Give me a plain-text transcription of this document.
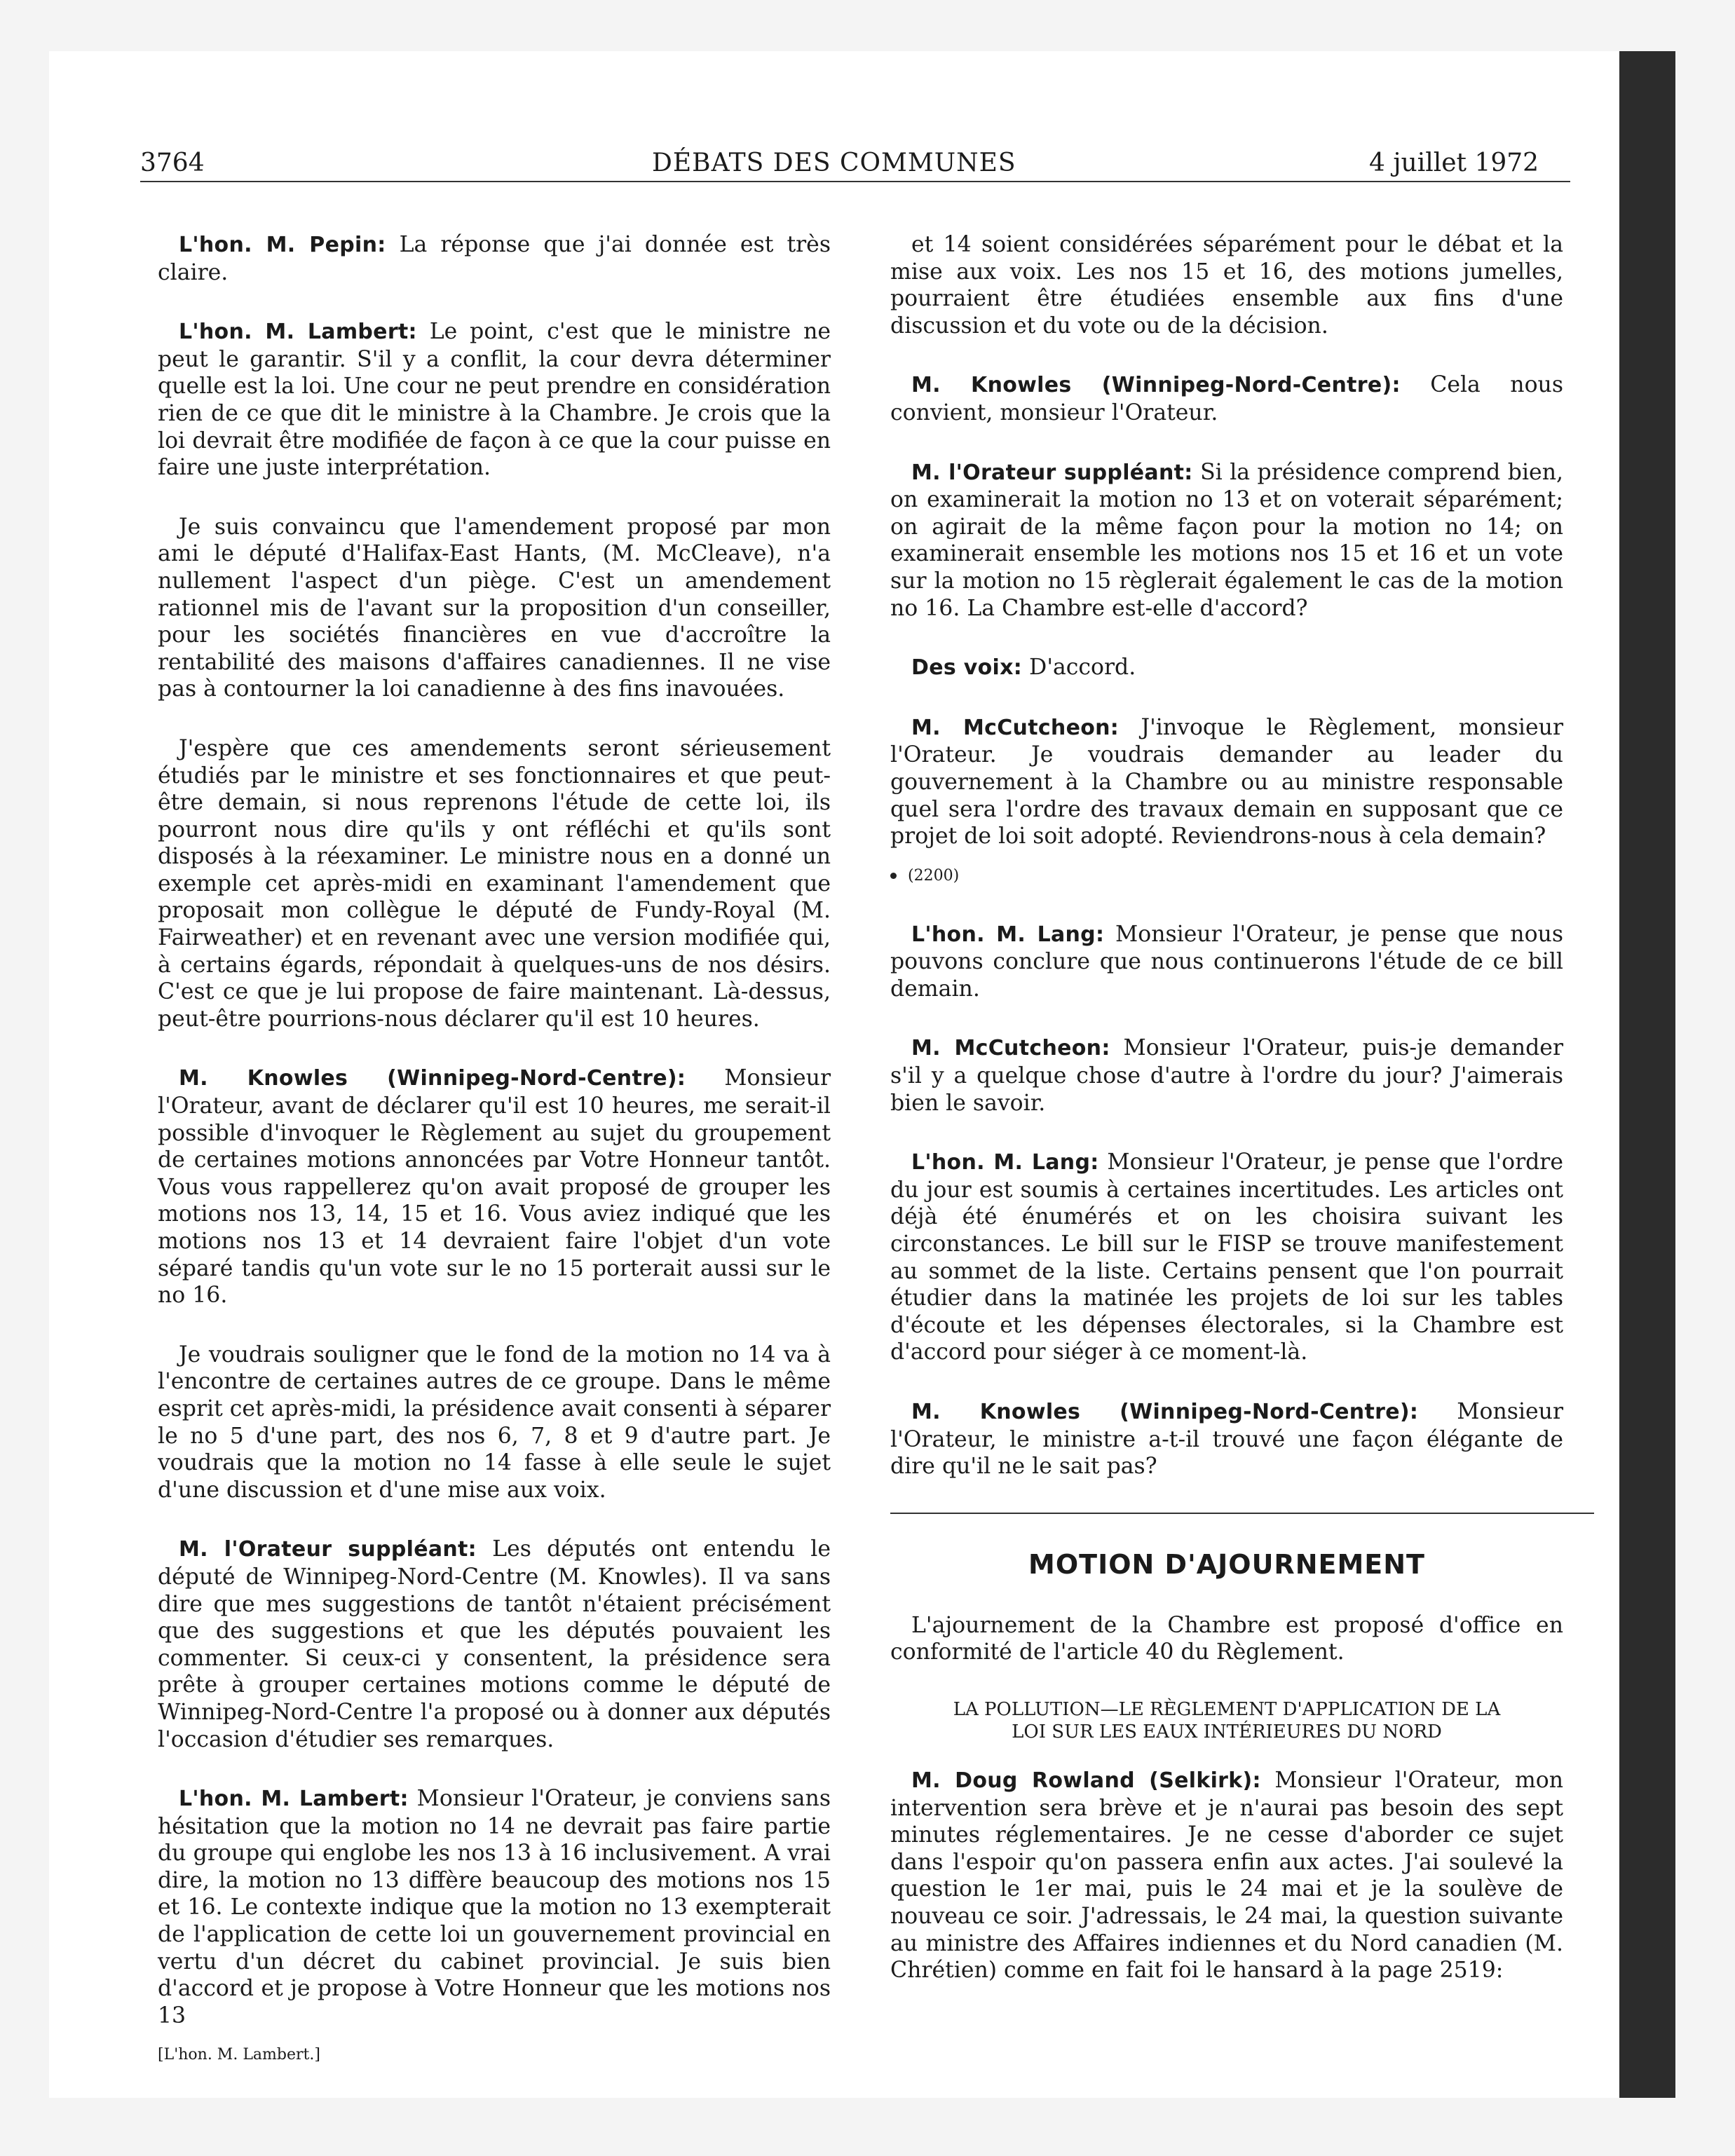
3764	DÉBATS DES COMMUNES	4 juillet 1972

L'hon. M. Pepin: La réponse que j'ai donnée est très claire.

L'hon. M. Lambert: Le point, c'est que le ministre ne peut le garantir. S'il y a conflit, la cour devra déterminer quelle est la loi. Une cour ne peut prendre en considération rien de ce que dit le ministre à la Chambre. Je crois que la loi devrait être modifiée de façon à ce que la cour puisse en faire une juste interprétation.

Je suis convaincu que l'amendement proposé par mon ami le député d'Halifax-East Hants, (M. McCleave), n'a nullement l'aspect d'un piège. C'est un amendement rationnel mis de l'avant sur la proposition d'un conseiller, pour les sociétés financières en vue d'accroître la rentabilité des maisons d'affaires canadiennes. Il ne vise pas à contourner la loi canadienne à des fins inavouées.

J'espère que ces amendements seront sérieusement étudiés par le ministre et ses fonctionnaires et que peut-être demain, si nous reprenons l'étude de cette loi, ils pourront nous dire qu'ils y ont réfléchi et qu'ils sont disposés à la réexaminer. Le ministre nous en a donné un exemple cet après-midi en examinant l'amendement que proposait mon collègue le député de Fundy-Royal (M. Fairweather) et en revenant avec une version modifiée qui, à certains égards, répondait à quelques-uns de nos désirs. C'est ce que je lui propose de faire maintenant. Là-dessus, peut-être pourrions-nous déclarer qu'il est 10 heures.

M. Knowles (Winnipeg-Nord-Centre): Monsieur l'Orateur, avant de déclarer qu'il est 10 heures, me serait-il possible d'invoquer le Règlement au sujet du groupement de certaines motions annoncées par Votre Honneur tantôt. Vous vous rappellerez qu'on avait proposé de grouper les motions nos 13, 14, 15 et 16. Vous aviez indiqué que les motions nos 13 et 14 devraient faire l'objet d'un vote séparé tandis qu'un vote sur le no 15 porterait aussi sur le no 16.

Je voudrais souligner que le fond de la motion no 14 va à l'encontre de certaines autres de ce groupe. Dans le même esprit cet après-midi, la présidence avait consenti à séparer le no 5 d'une part, des nos 6, 7, 8 et 9 d'autre part. Je voudrais que la motion no 14 fasse à elle seule le sujet d'une discussion et d'une mise aux voix.

M. l'Orateur suppléant: Les députés ont entendu le député de Winnipeg-Nord-Centre (M. Knowles). Il va sans dire que mes suggestions de tantôt n'étaient précisément que des suggestions et que les députés pouvaient les commenter. Si ceux-ci y consentent, la présidence sera prête à grouper certaines motions comme le député de Winnipeg-Nord-Centre l'a proposé ou à donner aux députés l'occasion d'étudier ses remarques.

L'hon. M. Lambert: Monsieur l'Orateur, je conviens sans hésitation que la motion no 14 ne devrait pas faire partie du groupe qui englobe les nos 13 à 16 inclusivement. A vrai dire, la motion no 13 diffère beaucoup des motions nos 15 et 16. Le contexte indique que la motion no 13 exempterait de l'application de cette loi un gouvernement provincial en vertu d'un décret du cabinet provincial. Je suis bien d'accord et je propose à Votre Honneur que les motions nos 13

[L'hon. M. Lambert.]

et 14 soient considérées séparément pour le débat et la mise aux voix. Les nos 15 et 16, des motions jumelles, pourraient être étudiées ensemble aux fins d'une discussion et du vote ou de la décision.

M. Knowles (Winnipeg-Nord-Centre): Cela nous convient, monsieur l'Orateur.

M. l'Orateur suppléant: Si la présidence comprend bien, on examinerait la motion no 13 et on voterait séparément; on agirait de la même façon pour la motion no 14; on examinerait ensemble les motions nos 15 et 16 et un vote sur la motion no 15 règlerait également le cas de la motion no 16. La Chambre est-elle d'accord?

Des voix: D'accord.

M. McCutcheon: J'invoque le Règlement, monsieur l'Orateur. Je voudrais demander au leader du gouvernement à la Chambre ou au ministre responsable quel sera l'ordre des travaux demain en supposant que ce projet de loi soit adopté. Reviendrons-nous à cela demain?

(2200)

L'hon. M. Lang: Monsieur l'Orateur, je pense que nous pouvons conclure que nous continuerons l'étude de ce bill demain.

M. McCutcheon: Monsieur l'Orateur, puis-je demander s'il y a quelque chose d'autre à l'ordre du jour? J'aimerais bien le savoir.

L'hon. M. Lang: Monsieur l'Orateur, je pense que l'ordre du jour est soumis à certaines incertitudes. Les articles ont déjà été énumérés et on les choisira suivant les circonstances. Le bill sur le FISP se trouve manifestement au sommet de la liste. Certains pensent que l'on pourrait étudier dans la matinée les projets de loi sur les tables d'écoute et les dépenses électorales, si la Chambre est d'accord pour siéger à ce moment-là.

M. Knowles (Winnipeg-Nord-Centre): Monsieur l'Orateur, le ministre a-t-il trouvé une façon élégante de dire qu'il ne le sait pas?

MOTION D'AJOURNEMENT

L'ajournement de la Chambre est proposé d'office en conformité de l'article 40 du Règlement.

LA POLLUTION—LE RÈGLEMENT D'APPLICATION DE LA
LOI SUR LES EAUX INTÉRIEURES DU NORD

M. Doug Rowland (Selkirk): Monsieur l'Orateur, mon intervention sera brève et je n'aurai pas besoin des sept minutes réglementaires. Je ne cesse d'aborder ce sujet dans l'espoir qu'on passera enfin aux actes. J'ai soulevé la question le 1er mai, puis le 24 mai et je la soulève de nouveau ce soir. J'adressais, le 24 mai, la question suivante au ministre des Affaires indiennes et du Nord canadien (M. Chrétien) comme en fait foi le hansard à la page 2519:
